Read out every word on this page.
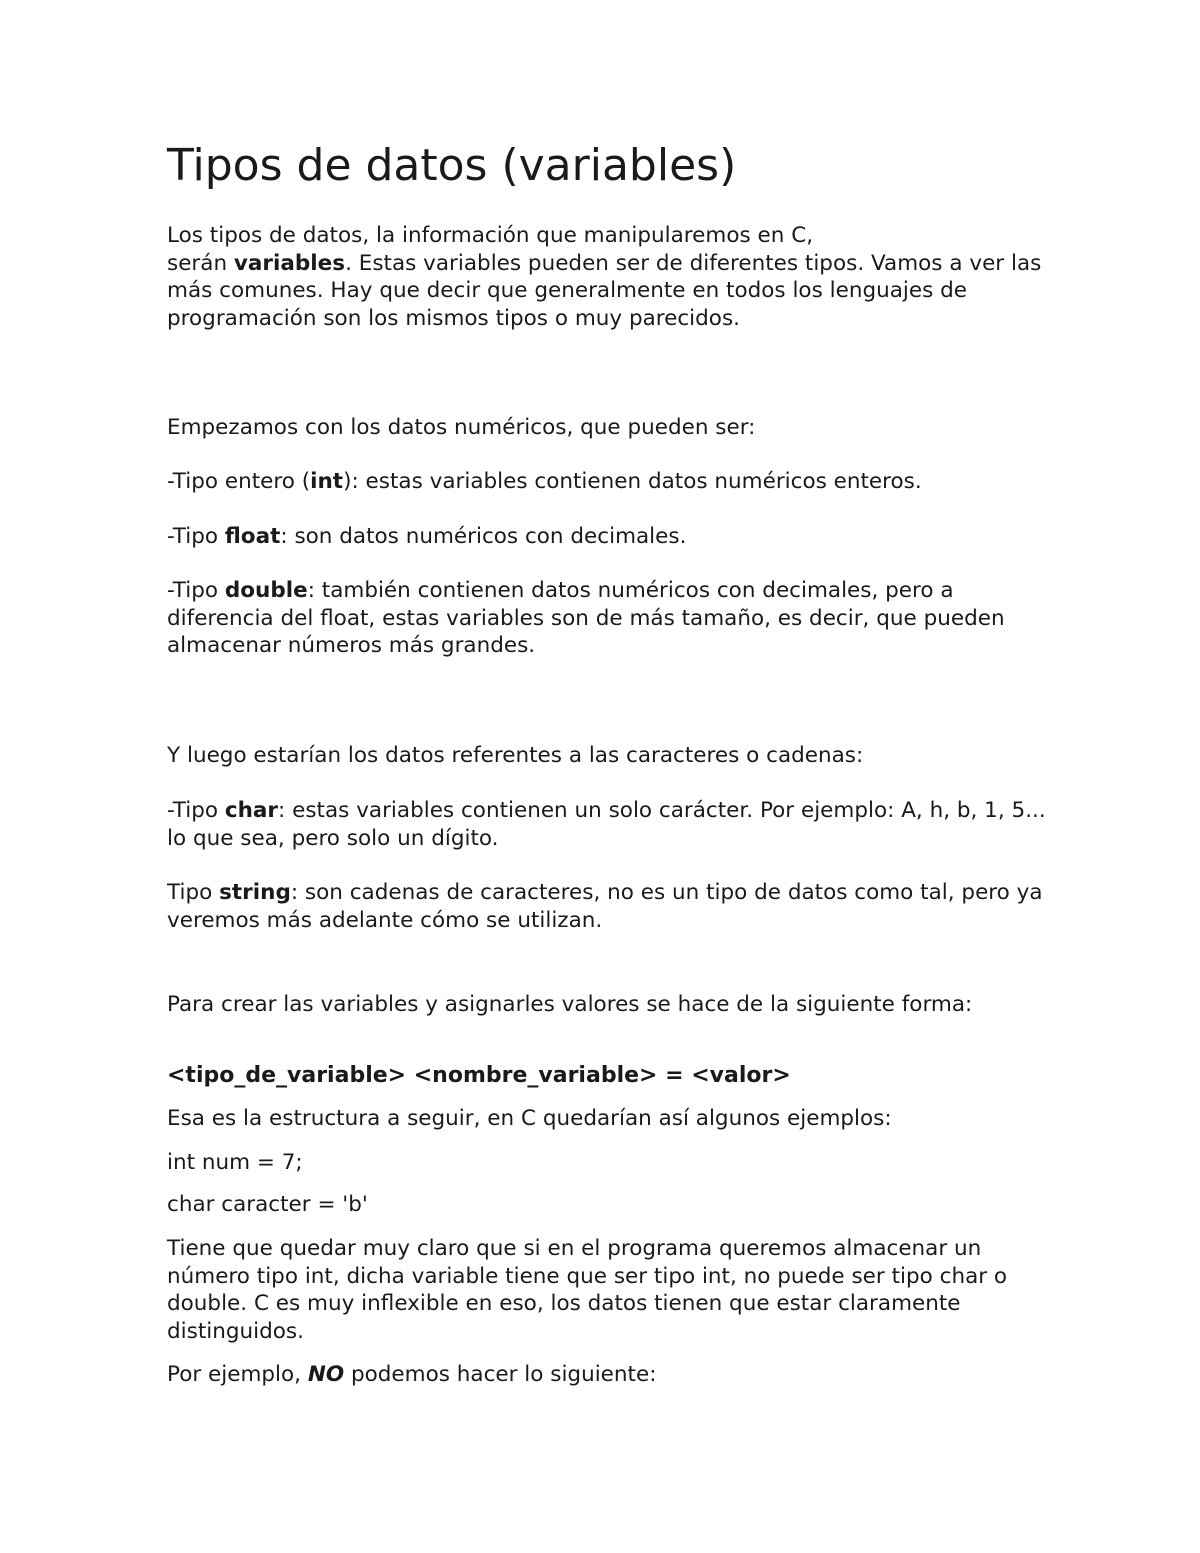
Tipos de datos (variables)

Los tipos de datos, la información que manipularemos en C,
serán variables. Estas variables pueden ser de diferentes tipos. Vamos a ver las más comunes. Hay que decir que generalmente en todos los lenguajes de programación son los mismos tipos o muy parecidos.

Empezamos con los datos numéricos, que pueden ser:

-Tipo entero (int): estas variables contienen datos numéricos enteros.

-Tipo float: son datos numéricos con decimales.

-Tipo double: también contienen datos numéricos con decimales, pero a diferencia del float, estas variables son de más tamaño, es decir, que pueden almacenar números más grandes.

Y luego estarían los datos referentes a las caracteres o cadenas:

-Tipo char: estas variables contienen un solo carácter. Por ejemplo: A, h, b, 1, 5... lo que sea, pero solo un dígito.

Tipo string: son cadenas de caracteres, no es un tipo de datos como tal, pero ya veremos más adelante cómo se utilizan.

Para crear las variables y asignarles valores se hace de la siguiente forma:

<tipo_de_variable> <nombre_variable> = <valor>

Esa es la estructura a seguir, en C quedarían así algunos ejemplos:

int num = 7;

char caracter = 'b'

Tiene que quedar muy claro que si en el programa queremos almacenar un número tipo int, dicha variable tiene que ser tipo int, no puede ser tipo char o double. C es muy inflexible en eso, los datos tienen que estar claramente distinguidos.

Por ejemplo, NO podemos hacer lo siguiente:
